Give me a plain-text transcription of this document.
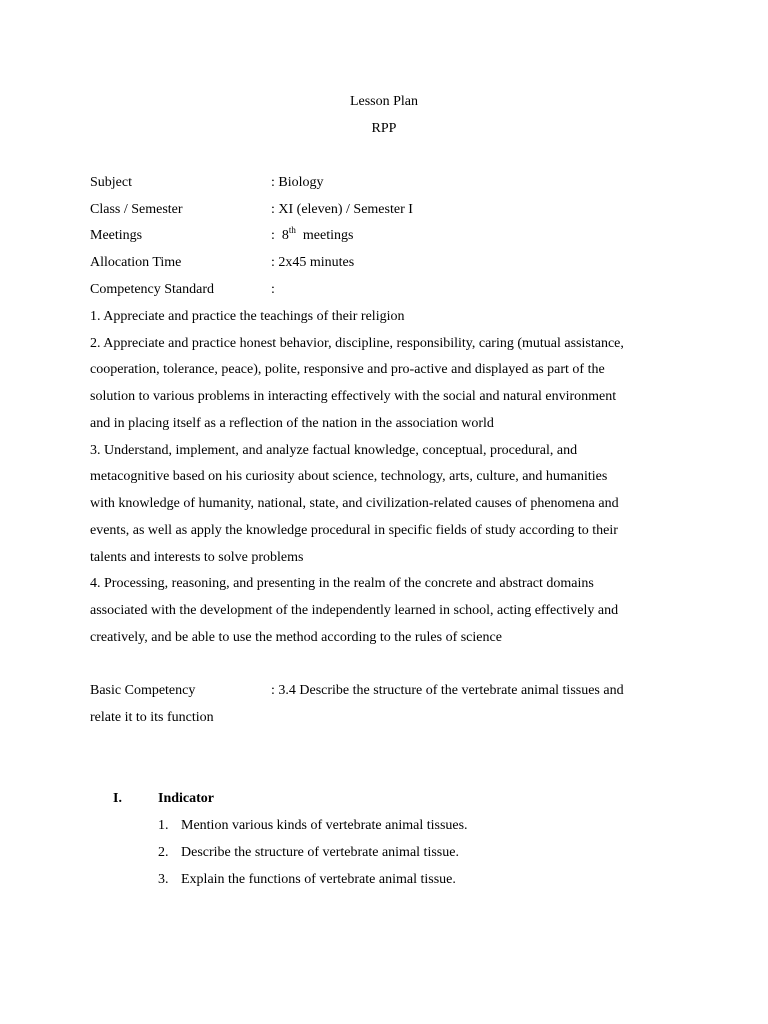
Lesson Plan
RPP
Subject	: Biology
Class / Semester	: XI (eleven) / Semester I
Meetings	:  8th  meetings
Allocation Time	: 2x45 minutes
Competency Standard	:
1. Appreciate and practice the teachings of their religion
2. Appreciate and practice honest behavior, discipline, responsibility, caring (mutual assistance,
cooperation, tolerance, peace), polite, responsive and pro-active and displayed as part of the
solution to various problems in interacting effectively with the social and natural environment
and in placing itself as a reflection of the nation in the association world
3. Understand, implement, and analyze factual knowledge, conceptual, procedural, and
metacognitive based on his curiosity about science, technology, arts, culture, and humanities
with knowledge of humanity, national, state, and civilization-related causes of phenomena and
events, as well as apply the knowledge procedural in specific fields of study according to their
talents and interests to solve problems
4. Processing, reasoning, and presenting in the realm of the concrete and abstract domains
associated with the development of the independently learned in school, acting effectively and
creatively, and be able to use the method according to the rules of science
Basic Competency	: 3.4 Describe the structure of the vertebrate animal tissues and
relate it to its function
I.	Indicator
1. Mention various kinds of vertebrate animal tissues.
2. Describe the structure of vertebrate animal tissue.
3. Explain the functions of vertebrate animal tissue.
